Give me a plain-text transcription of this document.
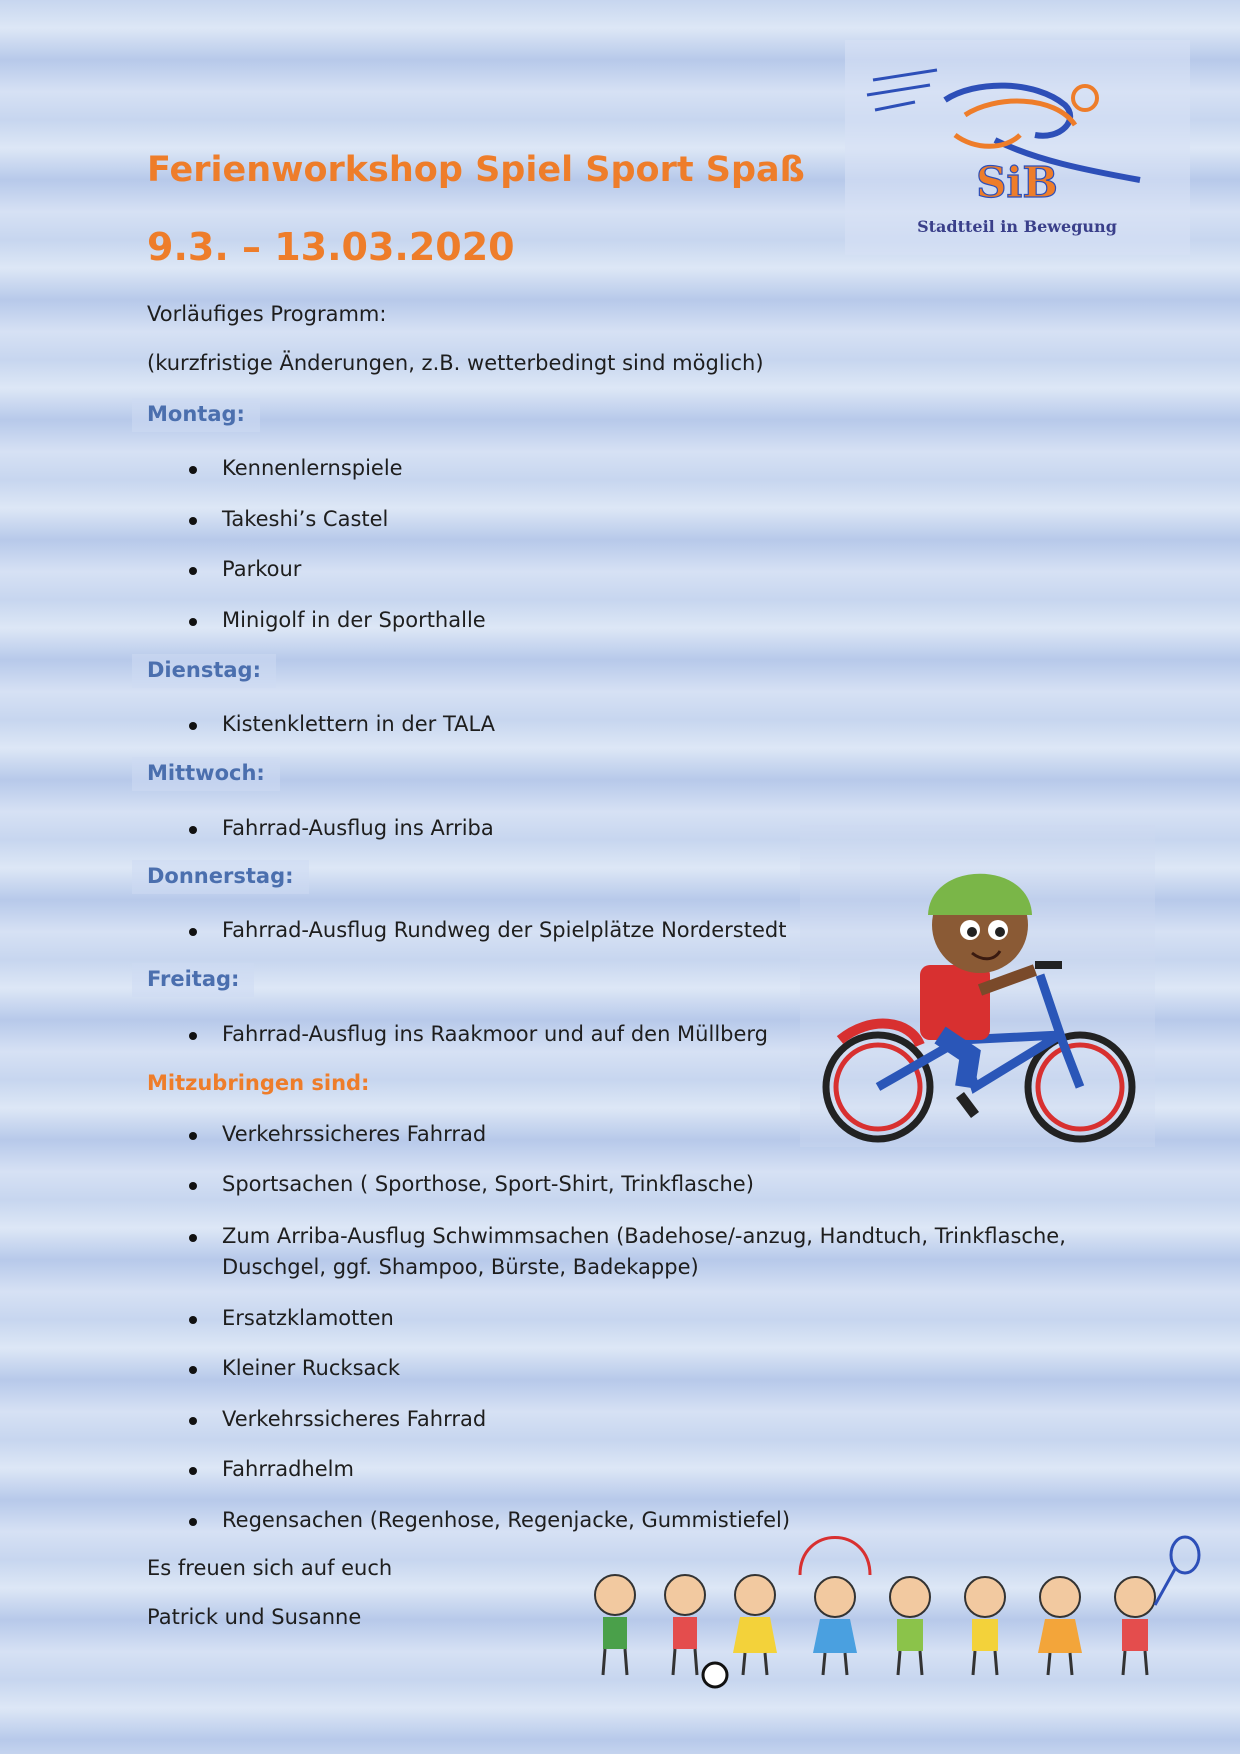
SiB
Stadtteil in Bewegung
Ferienworkshop Spiel Sport Spaß
9.3. – 13.03.2020
Vorläufiges Programm:
(kurzfristige Änderungen, z.B. wetterbedingt sind möglich)
Montag:
Kennenlernspiele
Takeshi’s Castel
Parkour
Minigolf in der Sporthalle
Dienstag:
Kistenklettern in der TALA
Mittwoch:
Fahrrad-Ausflug ins Arriba
Donnerstag:
Fahrrad-Ausflug Rundweg der Spielplätze Norderstedt
Freitag:
Fahrrad-Ausflug ins Raakmoor und auf den Müllberg
Mitzubringen sind:
Verkehrssicheres Fahrrad
Sportsachen ( Sporthose, Sport-Shirt, Trinkflasche)
Zum Arriba-Ausflug Schwimmsachen (Badehose/-anzug, Handtuch, Trinkflasche,
Duschgel, ggf. Shampoo, Bürste, Badekappe)
Ersatzklamotten
Kleiner Rucksack
Verkehrssicheres Fahrrad
Fahrradhelm
Regensachen (Regenhose, Regenjacke, Gummistiefel)
Es freuen sich auf euch
Patrick und Susanne
